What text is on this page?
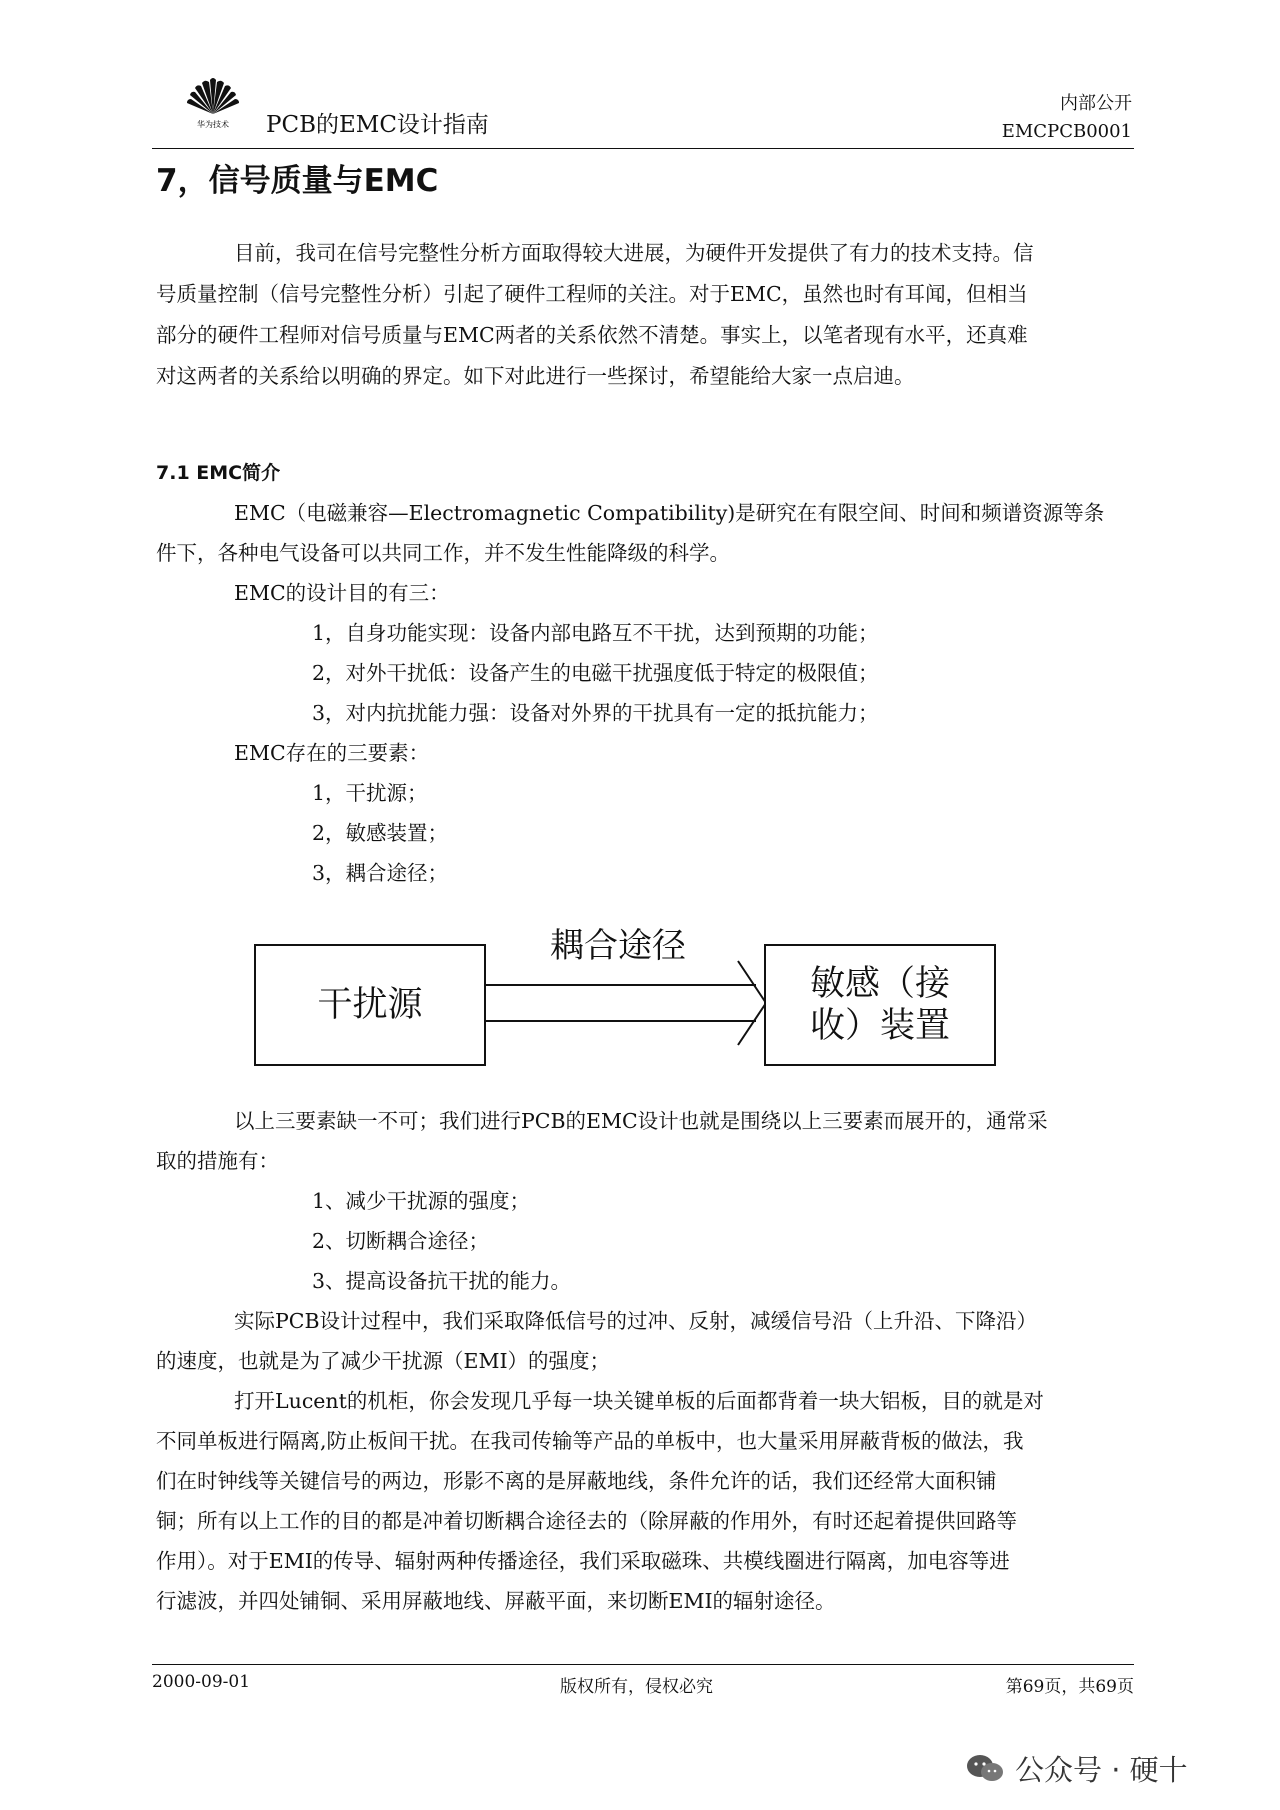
华为技术 PCB的EMC设计指南
内部公开
EMCPCB0001
7，信号质量与EMC
目前，我司在信号完整性分析方面取得较大进展，为硬件开发提供了有力的技术支持。信
号质量控制（信号完整性分析）引起了硬件工程师的关注。对于EMC，虽然也时有耳闻，但相当
部分的硬件工程师对信号质量与EMC两者的关系依然不清楚。事实上，以笔者现有水平，还真难
对这两者的关系给以明确的界定。如下对此进行一些探讨，希望能给大家一点启迪。
7.1 EMC简介
EMC（电磁兼容—Electromagnetic Compatibility)是研究在有限空间、时间和频谱资源等条
件下，各种电气设备可以共同工作，并不发生性能降级的科学。
EMC的设计目的有三：
1，自身功能实现：设备内部电路互不干扰，达到预期的功能；
2，对外干扰低：设备产生的电磁干扰强度低于特定的极限值；
3，对内抗扰能力强：设备对外界的干扰具有一定的抵抗能力；
EMC存在的三要素：
1，干扰源；
2，敏感装置；
3，耦合途径；
耦合途径
干扰源
敏感（接
收）装置
以上三要素缺一不可；我们进行PCB的EMC设计也就是围绕以上三要素而展开的，通常采
取的措施有：
1、减少干扰源的强度；
2、切断耦合途径；
3、提高设备抗干扰的能力。
实际PCB设计过程中，我们采取降低信号的过冲、反射，减缓信号沿（上升沿、下降沿）
的速度，也就是为了减少干扰源（EMI）的强度；
打开Lucent的机柜，你会发现几乎每一块关键单板的后面都背着一块大铝板，目的就是对
不同单板进行隔离,防止板间干扰。在我司传输等产品的单板中，也大量采用屏蔽背板的做法，我
们在时钟线等关键信号的两边，形影不离的是屏蔽地线，条件允许的话，我们还经常大面积铺
铜；所有以上工作的目的都是冲着切断耦合途径去的（除屏蔽的作用外，有时还起着提供回路等
作用）。对于EMI的传导、辐射两种传播途径，我们采取磁珠、共模线圈进行隔离，加电容等进
行滤波，并四处铺铜、采用屏蔽地线、屏蔽平面，来切断EMI的辐射途径。
2000-09-01	版权所有，侵权必究	第69页，共69页
公众号 · 硬十
